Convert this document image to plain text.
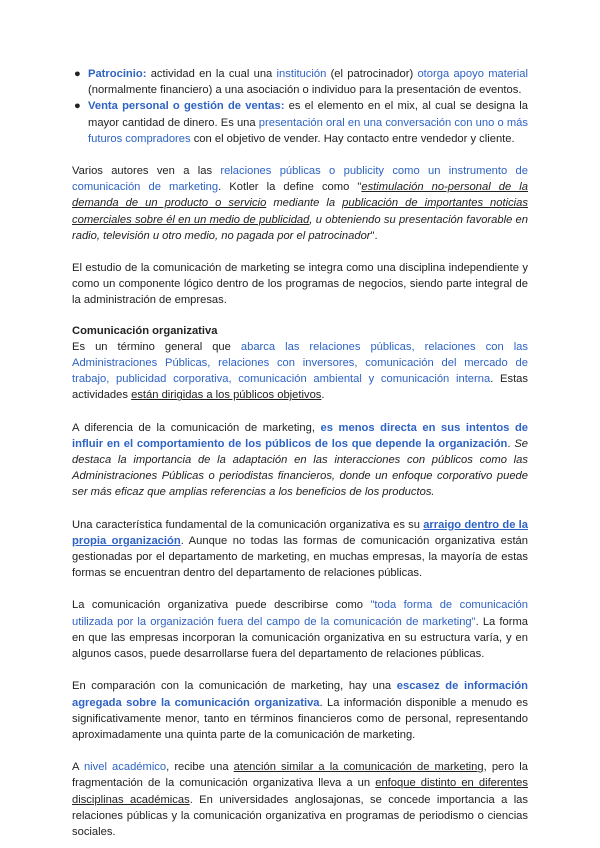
● Patrocinio: actividad en la cual una institución (el patrocinador) otorga apoyo material (normalmente financiero) a una asociación o individuo para la presentación de eventos.
● Venta personal o gestión de ventas: es el elemento en el mix, al cual se designa la mayor cantidad de dinero. Es una presentación oral en una conversación con uno o más futuros compradores con el objetivo de vender. Hay contacto entre vendedor y cliente.

Varios autores ven a las relaciones públicas o publicity como un instrumento de comunicación de marketing. Kotler la define como "estimulación no-personal de la demanda de un producto o servicio mediante la publicación de importantes noticias comerciales sobre él en un medio de publicidad, u obteniendo su presentación favorable en radio, televisión u otro medio, no pagada por el patrocinador".

El estudio de la comunicación de marketing se integra como una disciplina independiente y como un componente lógico dentro de los programas de negocios, siendo parte integral de la administración de empresas.

Comunicación organizativa

Es un término general que abarca las relaciones públicas, relaciones con las Administraciones Públicas, relaciones con inversores, comunicación del mercado de trabajo, publicidad corporativa, comunicación ambiental y comunicación interna. Estas actividades están dirigidas a los públicos objetivos.

A diferencia de la comunicación de marketing, es menos directa en sus intentos de influir en el comportamiento de los públicos de los que depende la organización. Se destaca la importancia de la adaptación en las interacciones con públicos como las Administraciones Públicas o periodistas financieros, donde un enfoque corporativo puede ser más eficaz que amplias referencias a los beneficios de los productos.

Una característica fundamental de la comunicación organizativa es su arraigo dentro de la propia organización. Aunque no todas las formas de comunicación organizativa están gestionadas por el departamento de marketing, en muchas empresas, la mayoría de estas formas se encuentran dentro del departamento de relaciones públicas.

La comunicación organizativa puede describirse como "toda forma de comunicación utilizada por la organización fuera del campo de la comunicación de marketing". La forma en que las empresas incorporan la comunicación organizativa en su estructura varía, y en algunos casos, puede desarrollarse fuera del departamento de relaciones públicas.

En comparación con la comunicación de marketing, hay una escasez de información agregada sobre la comunicación organizativa. La información disponible a menudo es significativamente menor, tanto en términos financieros como de personal, representando aproximadamente una quinta parte de la comunicación de marketing.

A nivel académico, recibe una atención similar a la comunicación de marketing, pero la fragmentación de la comunicación organizativa lleva a un enfoque distinto en diferentes disciplinas académicas. En universidades anglosajonas, se concede importancia a las relaciones públicas y la comunicación organizativa en programas de periodismo o ciencias sociales.
